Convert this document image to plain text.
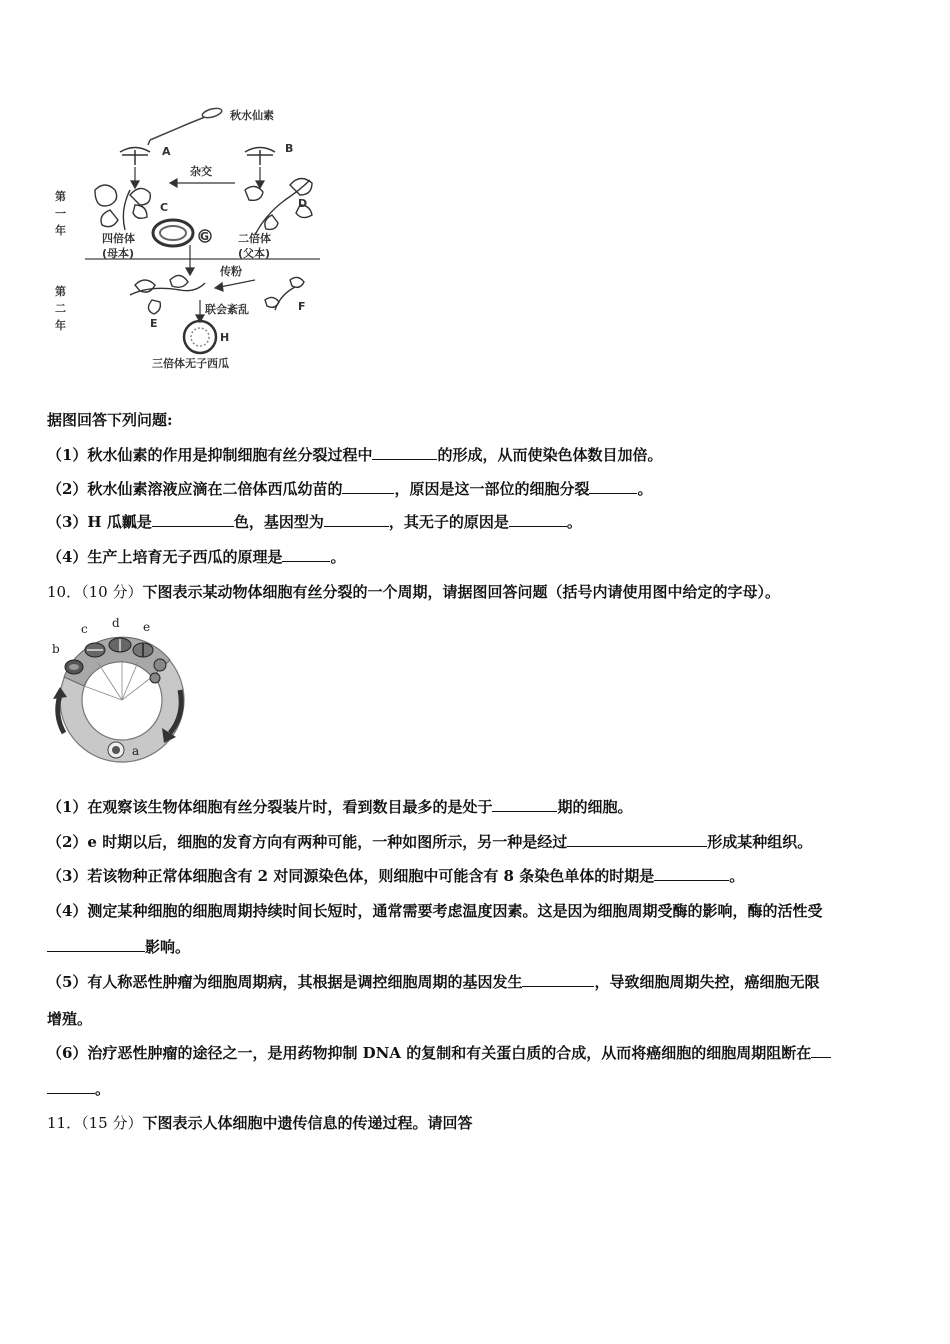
秋水仙素
A	B
杂交
C	D
G
四倍体
(母本)
二倍体
(父本)
第
一
年
第
二
年
传粉
E
F
联会紊乱
H
三倍体无子西瓜
据图回答下列问题:
（1）秋水仙素的作用是抑制细胞有丝分裂过程中	的形成，从而使染色体数目加倍。
（2）秋水仙素溶液应滴在二倍体西瓜幼苗的	，原因是这一部位的细胞分裂	。
（3）H 瓜瓤是	色，基因型为	，其无子的原因是	。
（4）生产上培育无子西瓜的原理是	。
10．（10 分）下图表示某动物体细胞有丝分裂的一个周期，请据图回答问题（括号内请使用图中给定的字母）。
b
c d e
a
（1）在观察该生物体细胞有丝分裂装片时，看到数目最多的是处于	期的细胞。
（2）e 时期以后，细胞的发育方向有两种可能，一种如图所示，另一种是经过	形成某种组织。
（3）若该物种正常体细胞含有 2 对同源染色体，则细胞中可能含有 8 条染色单体的时期是	。
（4）测定某种细胞的细胞周期持续时间长短时，通常需要考虑温度因素。这是因为细胞周期受酶的影响，酶的活性受
影响。
（5）有人称恶性肿瘤为细胞周期病，其根据是调控细胞周期的基因发生	，导致细胞周期失控，癌细胞无限
增殖。
（6）治疗恶性肿瘤的途径之一，是用药物抑制 DNA 的复制和有关蛋白质的合成，从而将癌细胞的细胞周期阻断在
。
11．（15 分）下图表示人体细胞中遗传信息的传递过程。请回答
